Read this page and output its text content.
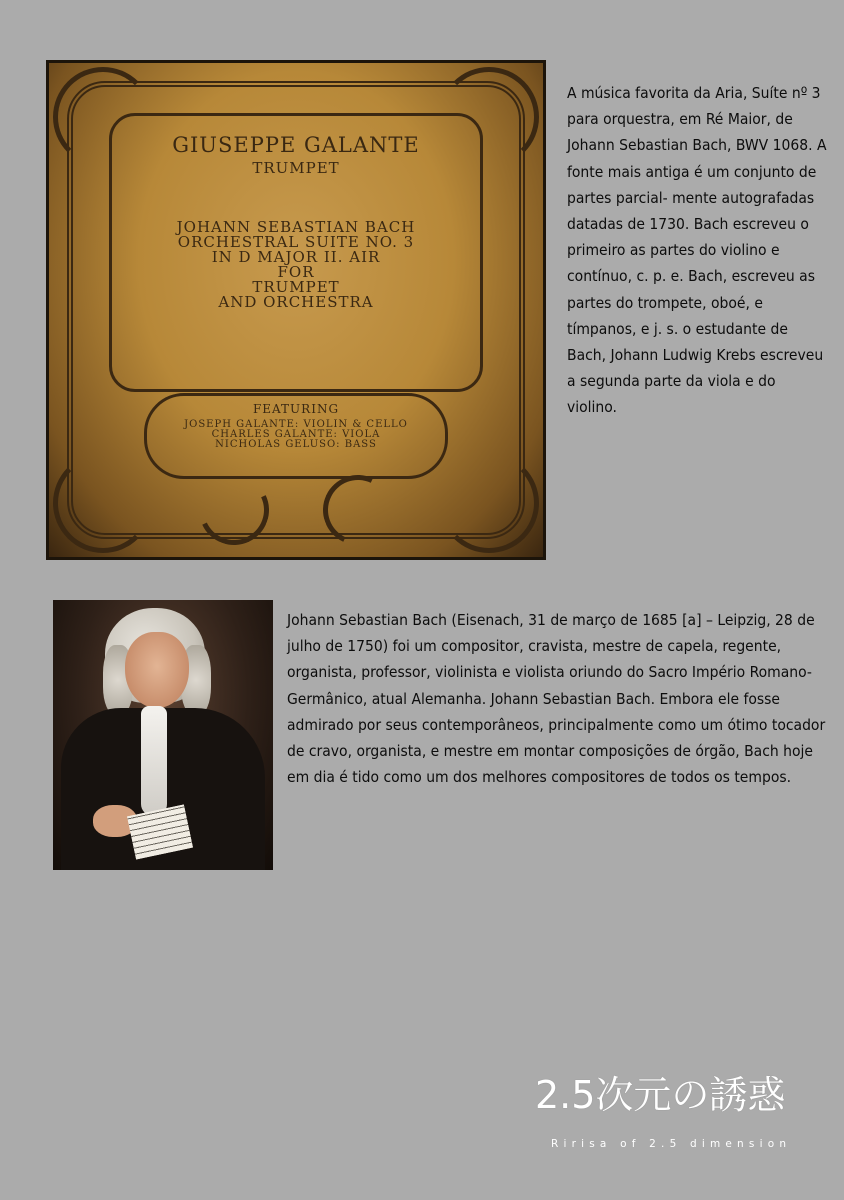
GIUSEPPE GALANTE
TRUMPET
JOHANN SEBASTIAN BACH
ORCHESTRAL SUITE NO. 3
IN D MAJOR II. AIR
FOR
TRUMPET
AND ORCHESTRA
FEATURING
JOSEPH GALANTE: VIOLIN & CELLO
CHARLES GALANTE: VIOLA
NICHOLAS GELUSO: BASS
A música favorita da Aria, Suíte nº 3 para orquestra, em Ré Maior, de Johann Sebastian Bach, BWV 1068. A fonte mais antiga é um conjunto de partes parcial- mente autografadas datadas de 1730. Bach escreveu o primeiro as partes do violino e contínuo, c. p. e. Bach, escreveu as partes do trompete, oboé, e tímpanos, e j. s. o estudante de Bach, Johann Ludwig Krebs escreveu a segunda parte da viola e do violino.
Johann Sebastian Bach (Eisenach, 31 de março de 1685 [a] – Leipzig, 28 de julho de 1750) foi um compositor, cravista, mestre de capela, regente, organista, professor, violinista e violista oriundo do Sacro Império Romano-Germânico, atual Alemanha. Johann Sebastian Bach. Embora ele fosse admirado por seus contemporâneos, principalmente como um ótimo tocador de cravo, organista, e mestre em montar composições de órgão, Bach hoje em dia é tido como um dos melhores compositores de todos os tempos.
2.5次元の誘惑
Ririsa of 2.5 dimension
